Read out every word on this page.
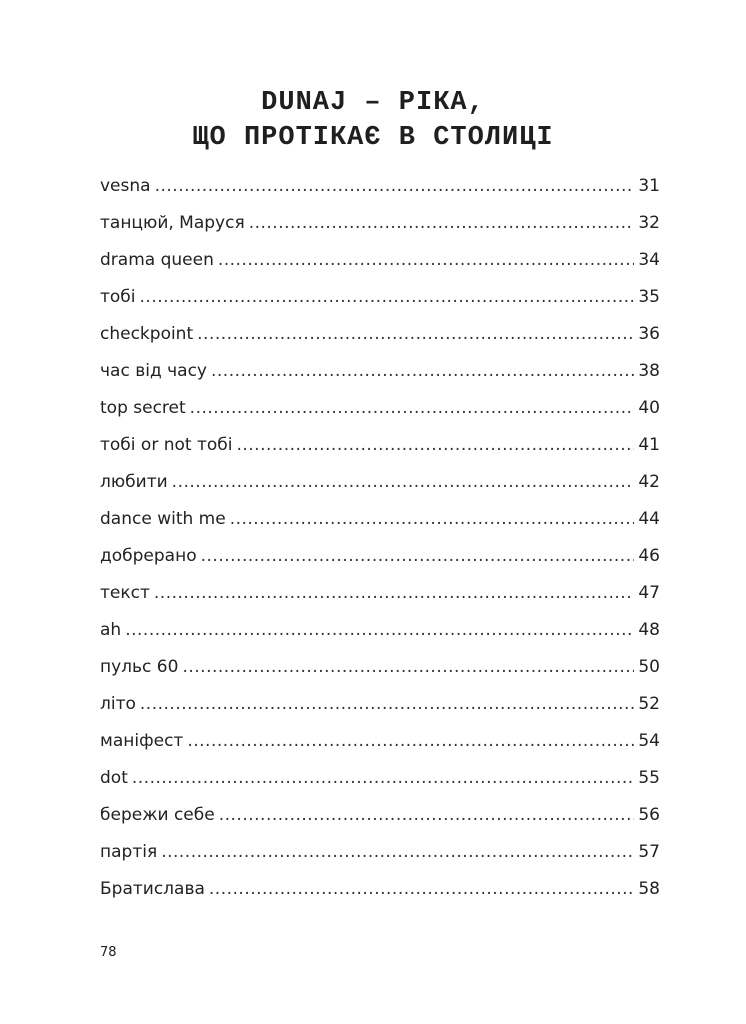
DUNAJ – РІКА,
ЩО ПРОТІКАЄ В СТОЛИЦІ
vesna .....	31
танцюй, Маруся .....	32
drama queen .....	34
тобі .....	35
checkpoint .....	36
час від часу .....	38
top secret .....	40
тобі or not тобі .....	41
любити .....	42
dance with me .....	44
добрерано .....	46
текст .....	47
ah .....	48
пульс 60 .....	50
літо .....	52
маніфест .....	54
dot .....	55
бережи себе .....	56
партія .....	57
Братислава .....	58
78
